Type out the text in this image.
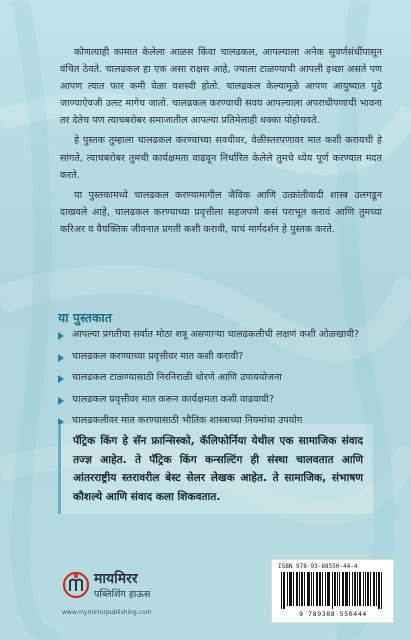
कोणत्याही कामात केलेला आळस किंवा चालढकल, आपल्याला अनेक सुवर्णसंधींपासून वंचित ठेवते. चालढकल हा एक असा राक्षस आहे, ज्याला टाळण्याची आपली इच्छा असते पण आपण त्यात फार कमी वेळा यशस्वी होतो. चालढकल केल्यामुळे आपण आयुष्यात पुढे जाण्याऐवजी उलट मागेच जातो. चालढकल करण्याची सवय आपल्याला अपराधीपणाची भावना तर देतेच पण त्याचबरोबर समाजातील आपल्या प्रतिमेलाही धक्का पोहोचवते.

हे पुस्तक तुम्हाला चालढकल करण्याच्या सवयीवर, वेळीस्तरपणावर मात कशी करायची हे सांगते, त्याचबरोबर तुमची कार्यक्षमता वाढवून निर्धारित केलेले तुमचे ध्येय पूर्ण करण्यात मदत करते.

या पुस्तकामध्ये चालढकल करण्यामागील जैविक आणि उत्क्रांतीवादी शास्त्र उलगडून दाखवले आहे, चालढकल करण्याच्या प्रवृत्तीला सहजपणे कसं पराभूत करावं आणि तुमच्या करिअर व वैयक्तिक जीवनात प्रगती कशी करावी, याचं मार्गदर्शन हे पुस्तक करते.

या पुस्तकात
आपल्या प्रगतीचा सर्वात मोठा शत्रू असणाऱ्या चालढकलीची लक्षणं कशी ओळखावी?
चालढकल करण्याच्या प्रवृत्तीवर मात कशी करावी?
चालढकल टाळण्यासाठी निरनिराळी धोरणे आणि उपाययोजना
चालढकल प्रवृत्तीवर मात करून कार्यक्षमता कशी वाढवावी?
चालढकलीवर मात करण्यासाठी भौतिक शास्त्राच्या नियमांचा उपयोग
पॅट्रिक किंग हे सॅन फ्रान्सिस्को, कॅलिफोर्निया येथील एक सामाजिक संवाद तज्ज्ञ आहेत. ते पॅट्रिक किंग कन्सल्टिंग ही संस्था चालवतात आणि आंतरराष्ट्रीय स्तरावरील बेस्ट सेलर लेखक आहेत. ते सामाजिक, संभाषण कौशल्ये आणि संवाद कला शिकवतात.
मायमिरर
पब्लिशिंग हाऊस
www.mymirrorpublishing.com
ISBN 978-93-88550-44-4
9 789388 550444
